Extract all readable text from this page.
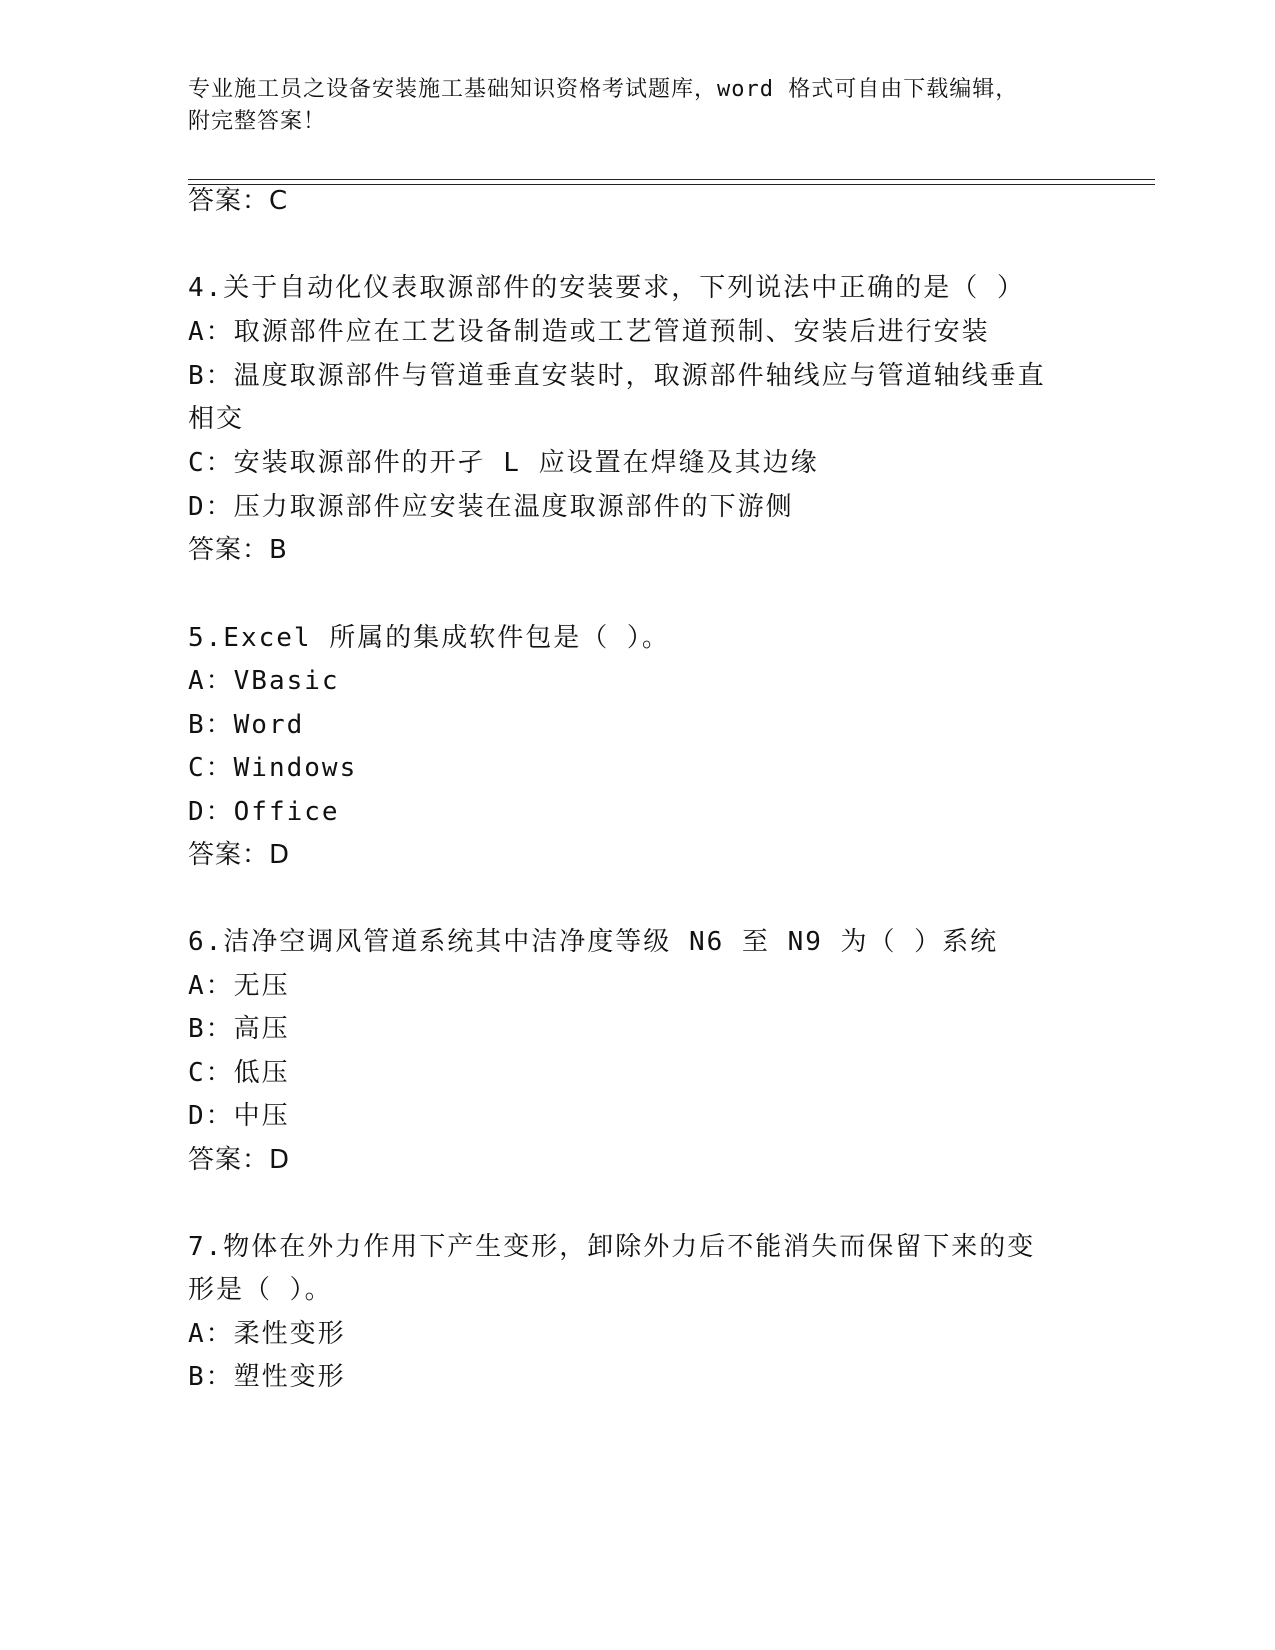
专业施工员之设备安装施工基础知识资格考试题库，word 格式可自由下载编辑，
附完整答案！
答案：C
4.关于自动化仪表取源部件的安装要求，下列说法中正确的是（ ）
A：取源部件应在工艺设备制造或工艺管道预制、安装后进行安装
B：温度取源部件与管道垂直安装时，取源部件轴线应与管道轴线垂直
相交
C：安装取源部件的开孑 L 应设置在焊缝及其边缘
D：压力取源部件应安装在温度取源部件的下游侧
答案：B
5.Excel 所属的集成软件包是（ ）。
A：VBasic
B：Word
C：Windows
D：Office
答案：D
6.洁净空调风管道系统其中洁净度等级 N6 至 N9 为（ ）系统
A：无压
B：高压
C：低压
D：中压
答案：D
7.物体在外力作用下产生变形，卸除外力后不能消失而保留下来的变
形是（ ）。
A：柔性变形
B：塑性变形
